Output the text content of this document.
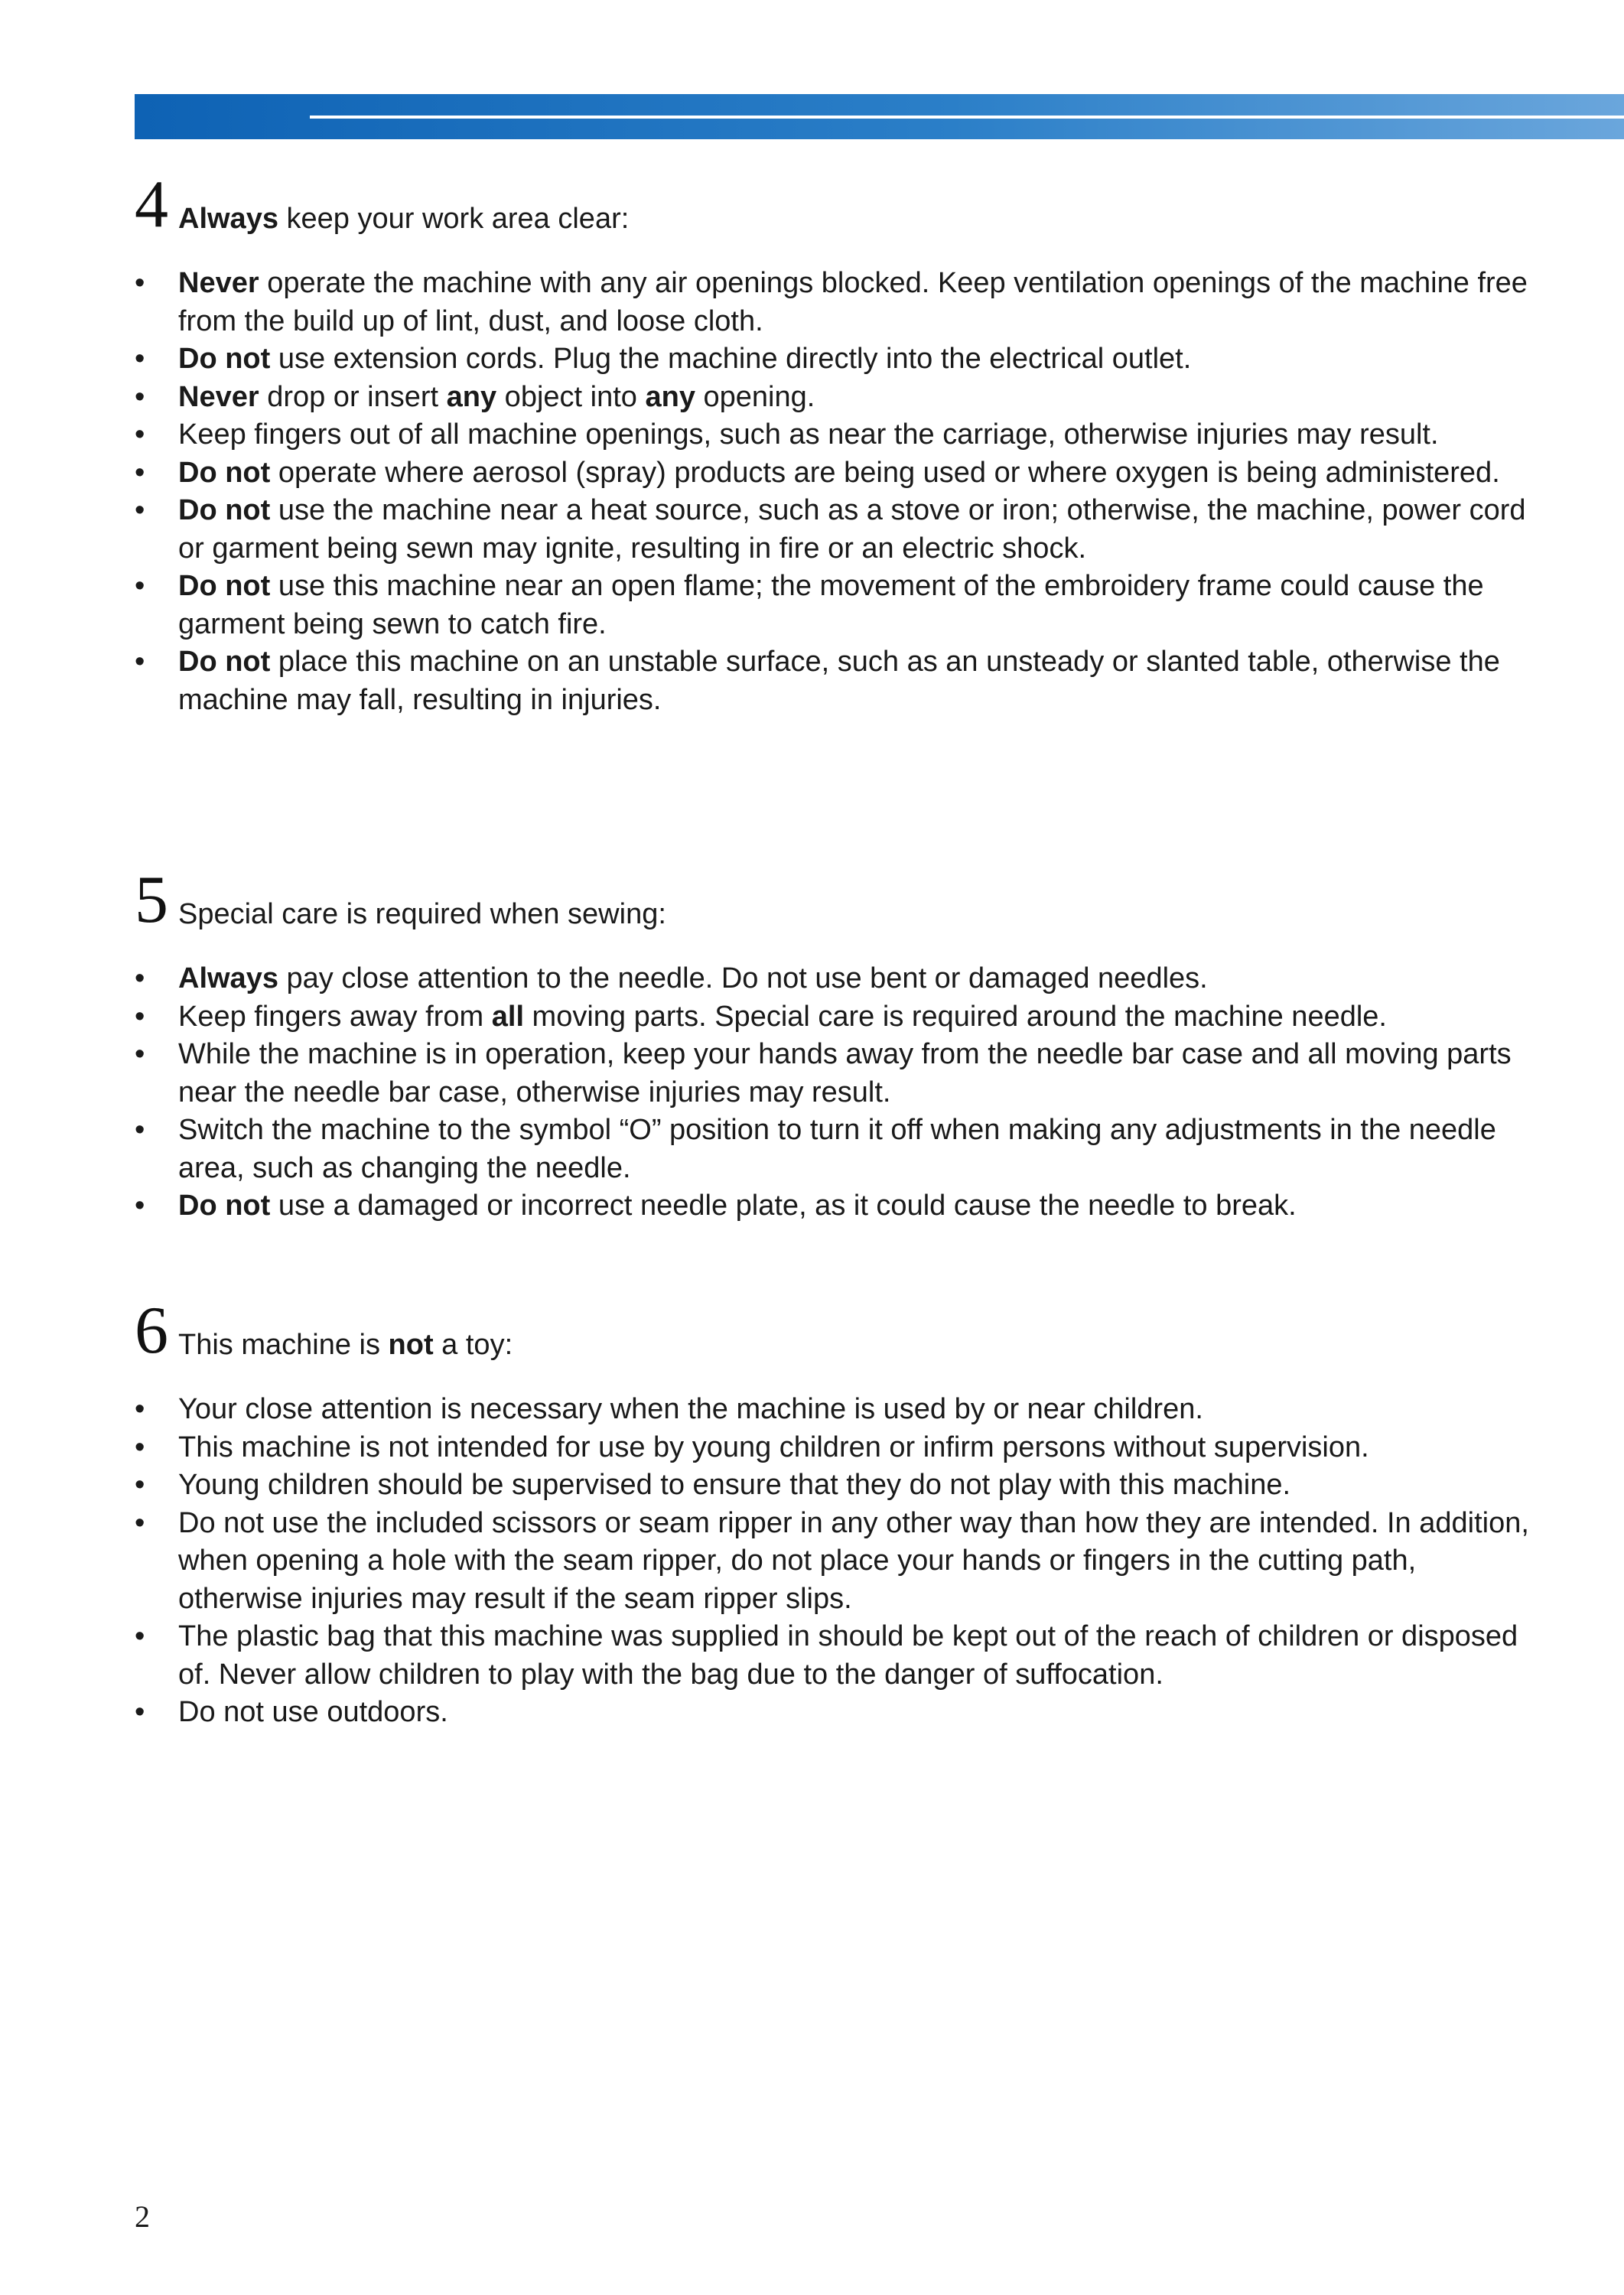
4 Always keep your work area clear:
• Never operate the machine with any air openings blocked. Keep ventilation openings of the machine free from the build up of lint, dust, and loose cloth.
• Do not use extension cords. Plug the machine directly into the electrical outlet.
• Never drop or insert any object into any opening.
• Keep fingers out of all machine openings, such as near the carriage, otherwise injuries may result.
• Do not operate where aerosol (spray) products are being used or where oxygen is being administered.
• Do not use the machine near a heat source, such as a stove or iron; otherwise, the machine, power cord or garment being sewn may ignite, resulting in fire or an electric shock.
• Do not use this machine near an open flame; the movement of the embroidery frame could cause the garment being sewn to catch fire.
• Do not place this machine on an unstable surface, such as an unsteady or slanted table, otherwise the machine may fall, resulting in injuries.
5 Special care is required when sewing:
• Always pay close attention to the needle. Do not use bent or damaged needles.
• Keep fingers away from all moving parts. Special care is required around the machine needle.
• While the machine is in operation, keep your hands away from the needle bar case and all moving parts near the needle bar case, otherwise injuries may result.
• Switch the machine to the symbol “O” position to turn it off when making any adjustments in the needle area, such as changing the needle.
• Do not use a damaged or incorrect needle plate, as it could cause the needle to break.
6 This machine is not a toy:
• Your close attention is necessary when the machine is used by or near children.
• This machine is not intended for use by young children or infirm persons without supervision.
• Young children should be supervised to ensure that they do not play with this machine.
• Do not use the included scissors or seam ripper in any other way than how they are intended. In addition, when opening a hole with the seam ripper, do not place your hands or fingers in the cutting path, otherwise injuries may result if the seam ripper slips.
• The plastic bag that this machine was supplied in should be kept out of the reach of children or disposed of. Never allow children to play with the bag due to the danger of suffocation.
• Do not use outdoors.
2
